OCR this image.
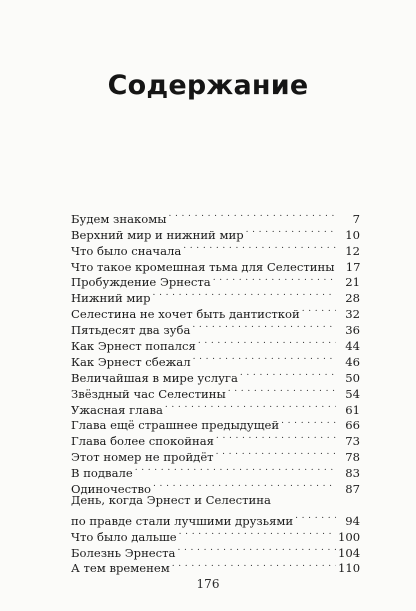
Содержание
Будем знакомы . . .	7
Верхний мир и нижний мир . . .	10
Что было сначала . . .	12
Что такое кромешная тьма для Селестины 17
Пробуждение Эрнеста . . .	21
Нижний мир . . .	28
Селестина не хочет быть дантисткой . . .	32
Пятьдесят два зуба . . .	36
Как Эрнест попался . . .	44
Как Эрнест сбежал . . .	46
Величайшая в мире услуга . . .	50
Звёздный час Селестины . . .	54
Ужасная глава . . .	61
Глава ещё страшнее предыдущей . . .	66
Глава более спокойная . . .	73
Этот номер не пройдёт . . .	78
В подвале . . .	83
Одиночество . . .	87
День, когда Эрнест и Селестина
по правде стали лучшими друзьями . . .	94
Что было дальше . . .	100
Болезнь Эрнеста . . .	104
А тем временем . . .	110
176
